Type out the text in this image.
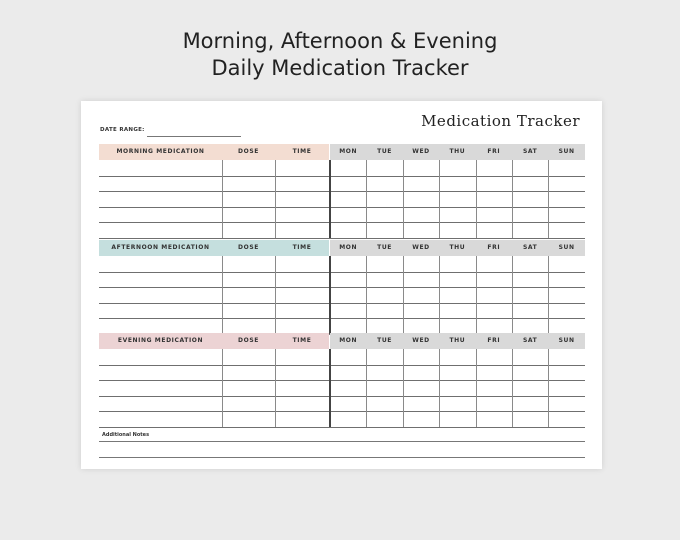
Morning, Afternoon & Evening
Daily Medication Tracker
Medication Tracker
DATE RANGE:
Additional Notes
MORNING MEDICATION	DOSE	TIME	MON	TUE	WED	THU	FRI	SAT	SUN
AFTERNOON MEDICATION	DOSE	TIME	MON	TUE	WED	THU	FRI	SAT	SUN
EVENING MEDICATION	DOSE	TIME	MON	TUE	WED	THU	FRI	SAT	SUN
